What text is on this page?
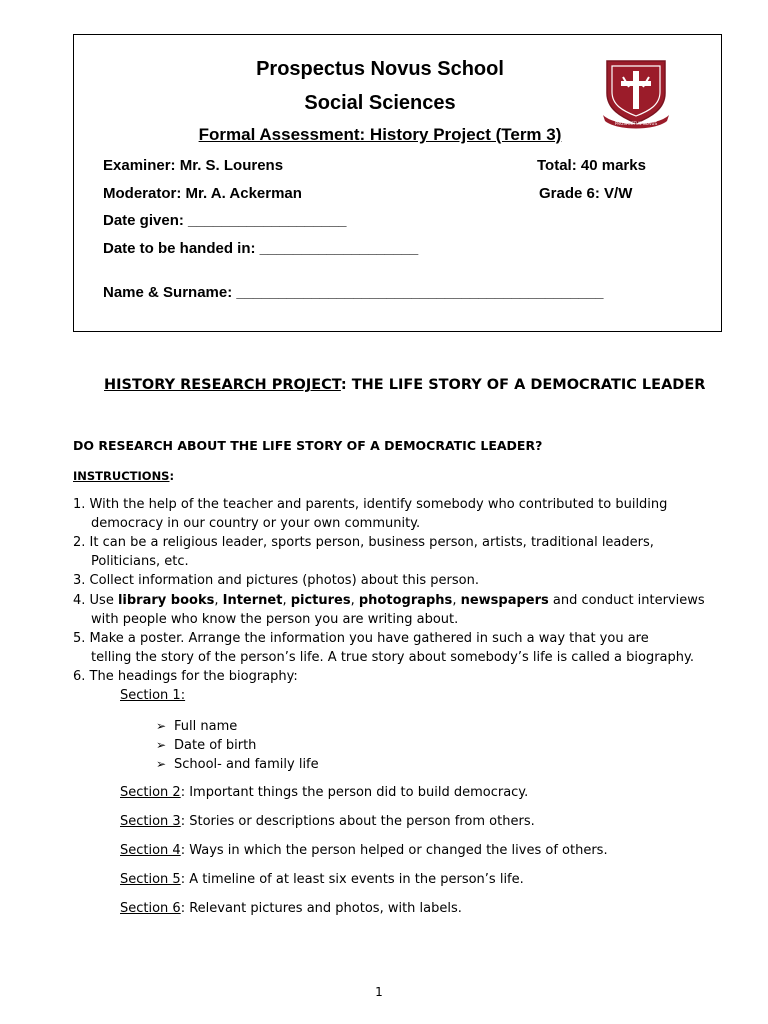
Prospectus Novus School
Social Sciences
Formal Assessment: History Project (Term 3)
Examiner: Mr. S. Lourens	Total: 40 marks
Moderator: Mr. A. Ackerman	Grade 6: V/W
Date given: ___________________
Date to be handed in: ___________________
Name & Surname: ____________________________________________
PROSPECTUS NOVUS
HISTORY RESEARCH PROJECT: THE LIFE STORY OF A DEMOCRATIC LEADER
DO RESEARCH ABOUT THE LIFE STORY OF A DEMOCRATIC LEADER?
INSTRUCTIONS:
1. With the help of the teacher and parents, identify somebody who contributed to building
democracy in our country or your own community.
2. It can be a religious leader, sports person, business person, artists, traditional leaders,
Politicians, etc.
3. Collect information and pictures (photos) about this person.
4. Use library books, Internet, pictures, photographs, newspapers and conduct interviews
with people who know the person you are writing about.
5. Make a poster. Arrange the information you have gathered in such a way that you are
telling the story of the person’s life. A true story about somebody’s life is called a biography.
6. The headings for the biography:
Section 1:
➢ Full name
➢ Date of birth
➢ School- and family life
Section 2: Important things the person did to build democracy.
Section 3: Stories or descriptions about the person from others.
Section 4: Ways in which the person helped or changed the lives of others.
Section 5: A timeline of at least six events in the person’s life.
Section 6: Relevant pictures and photos, with labels.
1
